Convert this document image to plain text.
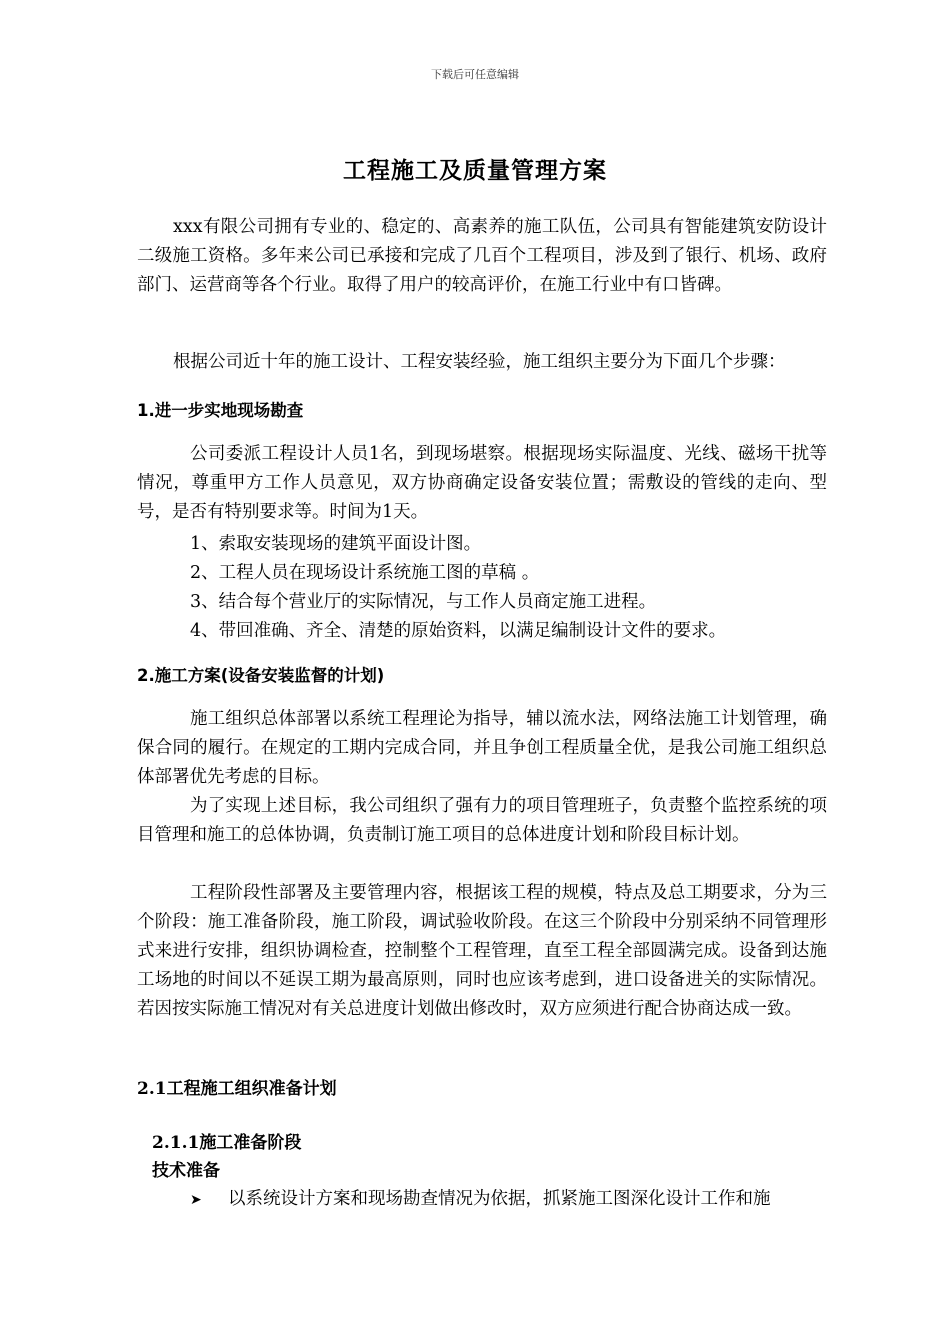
下载后可任意编辑
工程施工及质量管理方案

xxx有限公司拥有专业的、稳定的、高素养的施工队伍，公司具有智能建筑安防设计二级施工资格。多年来公司已承接和完成了几百个工程项目，涉及到了银行、机场、政府部门、运营商等各个行业。取得了用户的较高评价，在施工行业中有口皆碑。

根据公司近十年的施工设计、工程安装经验，施工组织主要分为下面几个步骤：

1.进一步实地现场勘查

公司委派工程设计人员1名，到现场堪察。根据现场实际温度、光线、磁场干扰等情况，尊重甲方工作人员意见，双方协商确定设备安装位置；需敷设的管线的走向、型号，是否有特别要求等。时间为1天。

1、索取安装现场的建筑平面设计图。

2、工程人员在现场设计系统施工图的草稿 。

3、结合每个营业厅的实际情况，与工作人员商定施工进程。

4、带回准确、齐全、清楚的原始资料，以满足编制设计文件的要求。

2.施工方案(设备安装监督的计划)

施工组织总体部署以系统工程理论为指导，辅以流水法，网络法施工计划管理，确保合同的履行。在规定的工期内完成合同，并且争创工程质量全优，是我公司施工组织总体部署优先考虑的目标。

为了实现上述目标，我公司组织了强有力的项目管理班子，负责整个监控系统的项目管理和施工的总体协调，负责制订施工项目的总体进度计划和阶段目标计划。

工程阶段性部署及主要管理内容，根据该工程的规模，特点及总工期要求，分为三个阶段：施工准备阶段，施工阶段，调试验收阶段。在这三个阶段中分别采纳不同管理形式来进行安排，组织协调检查，控制整个工程管理，直至工程全部圆满完成。设备到达施工场地的时间以不延误工期为最高原则，同时也应该考虑到，进口设备进关的实际情况。若因按实际施工情况对有关总进度计划做出修改时，双方应须进行配合协商达成一致。

2.1工程施工组织准备计划

2.1.1施工准备阶段

技术准备

➤ 以系统设计方案和现场勘查情况为依据，抓紧施工图深化设计工作和施
